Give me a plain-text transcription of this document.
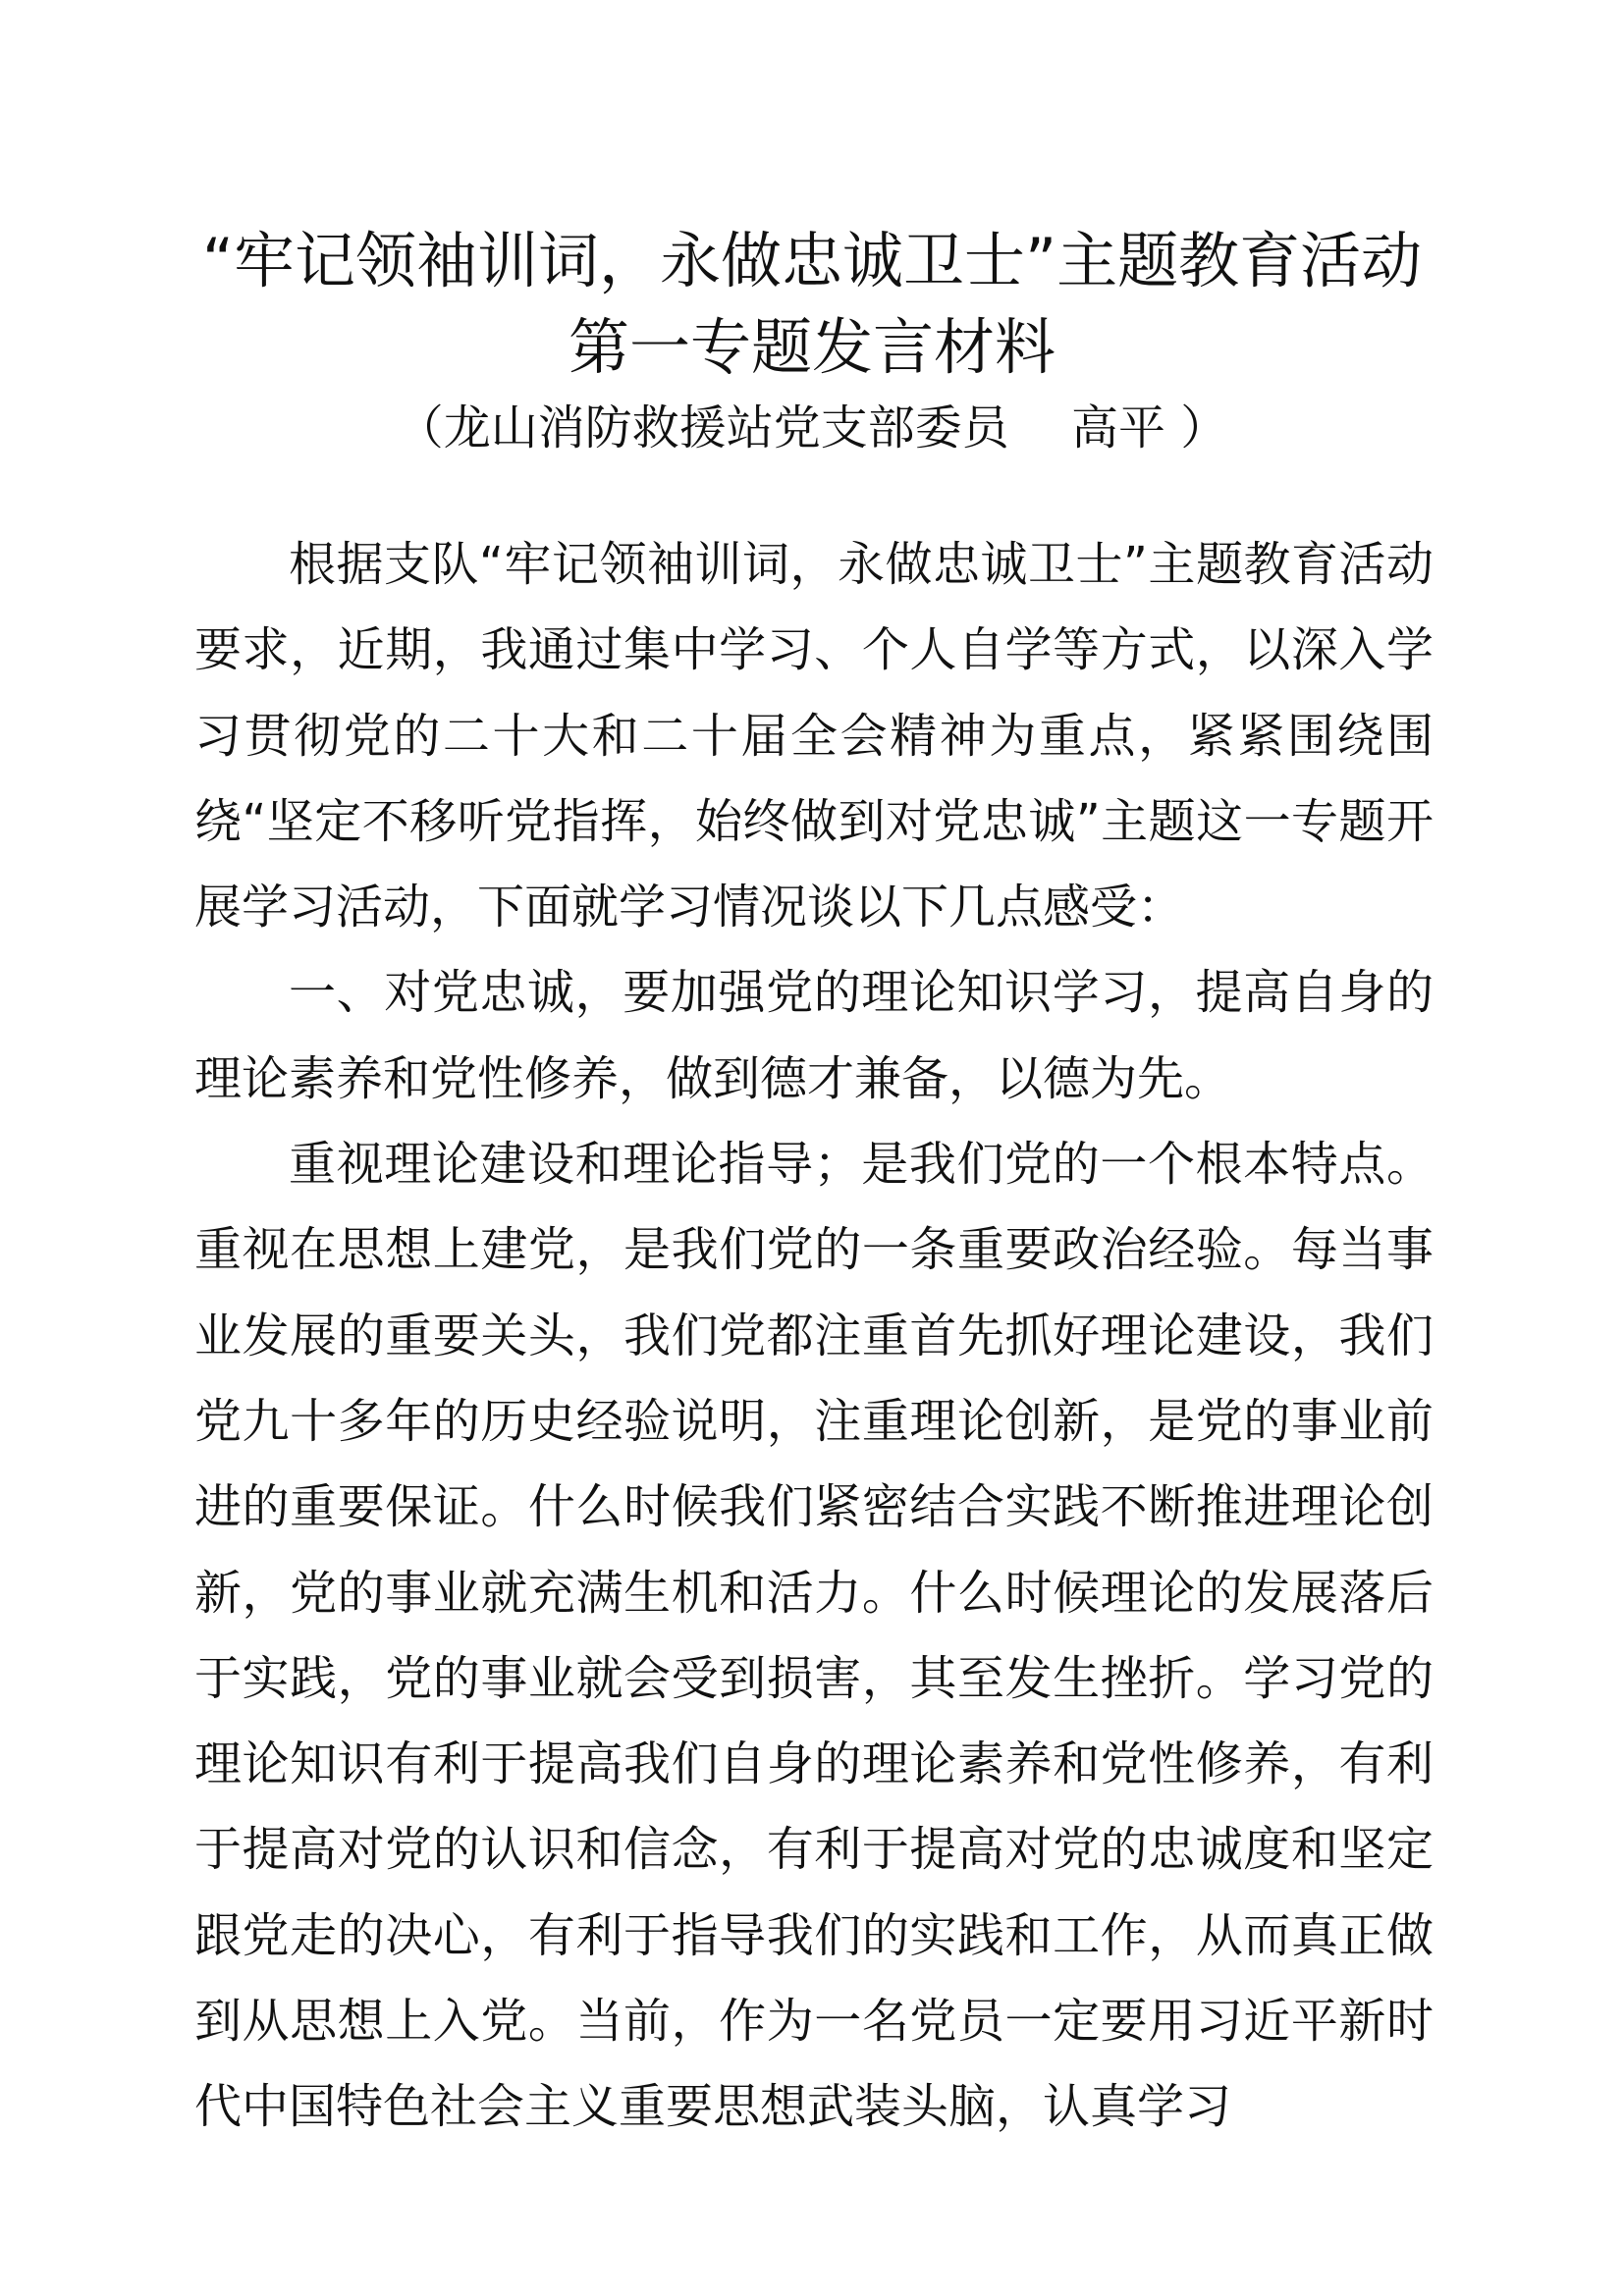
“牢记领袖训词，永做忠诚卫士”主题教育活动
第一专题发言材料
（龙山消防救援站党支部委员　 高平 ）

根据支队“牢记领袖训词，永做忠诚卫士”主题教育活动要求，近期，我通过集中学习、个人自学等方式，以深入学习贯彻党的二十大和二十届全会精神为重点，紧紧围绕围绕“坚定不移听党指挥，始终做到对党忠诚”主题这一专题开展学习活动，下面就学习情况谈以下几点感受：

一、对党忠诚，要加强党的理论知识学习，提高自身的理论素养和党性修养，做到德才兼备，以德为先。

重视理论建设和理论指导；是我们党的一个根本特点。重视在思想上建党，是我们党的一条重要政治经验。每当事业发展的重要关头，我们党都注重首先抓好理论建设，我们党九十多年的历史经验说明，注重理论创新，是党的事业前进的重要保证。什么时候我们紧密结合实践不断推进理论创新，党的事业就充满生机和活力。什么时候理论的发展落后于实践，党的事业就会受到损害，其至发生挫折。学习党的理论知识有利于提高我们自身的理论素养和党性修养，有利于提高对党的认识和信念，有利于提高对党的忠诚度和坚定跟党走的决心，有利于指导我们的实践和工作，从而真正做到从思想上入党。当前，作为一名党员一定要用习近平新时代中国特色社会主义重要思想武装头脑，认真学习
